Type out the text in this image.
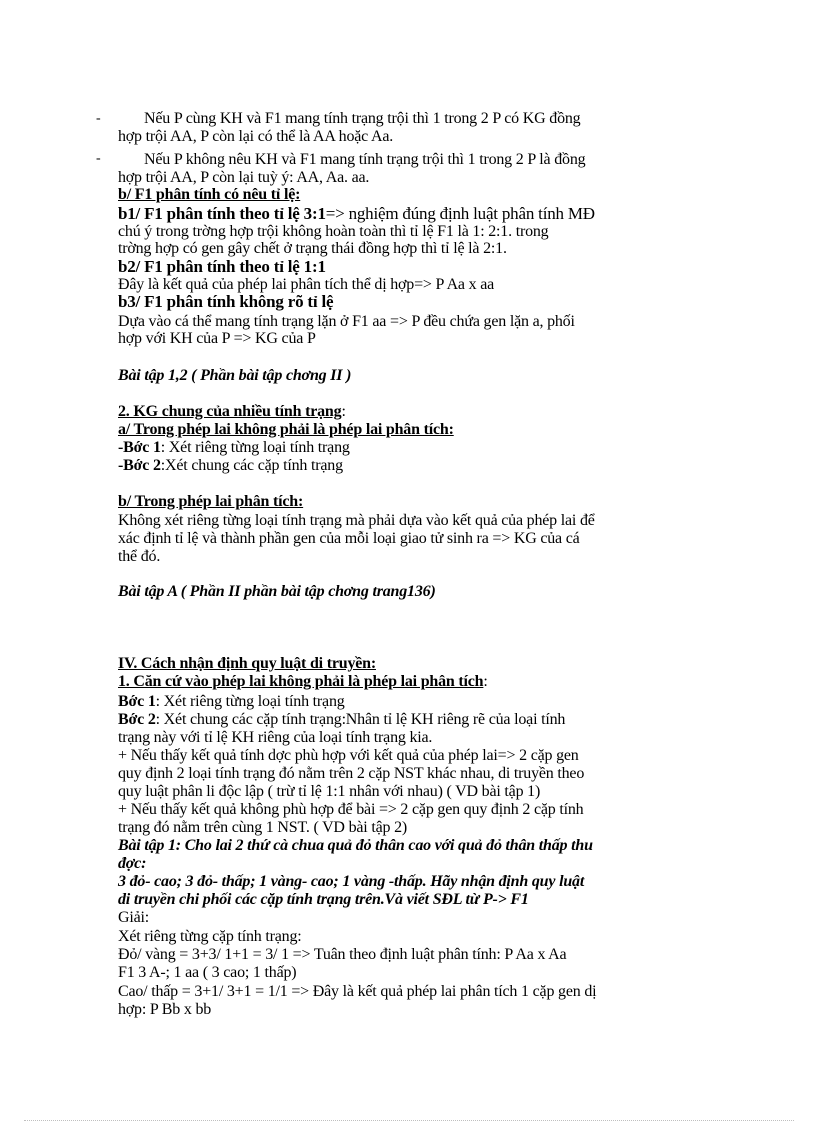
-	Nếu P cùng KH và F1 mang tính trạng trội thì 1 trong 2 P có KG đồng
hợp trội AA, P còn lại có thể là AA hoặc Aa.
-	Nếu P không nêu KH và F1 mang tính trạng trội thì 1 trong 2 P là đồng
hợp trội AA, P còn lại tuỳ ý: AA, Aa. aa.
b/ F1 phân tính có nêu tỉ lệ:
b1/ F1 phân tính theo tỉ lệ 3:1=> nghiệm đúng định luật phân tính MĐ
chú ý trong trờng hợp trội không hoàn toàn thì tỉ lệ F1 là 1: 2:1. trong
trờng hợp có gen gây chết ở trạng thái đồng hợp thì tỉ lệ là 2:1.
b2/ F1 phân tính theo tỉ lệ 1:1
Đây là kết quả của phép lai phân tích thể dị hợp=> P Aa x aa
b3/ F1 phân tính không rõ tỉ lệ
Dựa vào cá thể mang tính trạng lặn ở F1 aa => P đều chứa gen lặn a, phối
hợp với KH của P => KG của P
Bài tập 1,2 ( Phần bài tập chơng II )
2. KG chung của nhiều tính trạng:
a/ Trong phép lai không phải là phép lai phân tích:
-Bớc 1: Xét riêng từng loại tính trạng
-Bớc 2:Xét chung các cặp tính trạng
b/ Trong phép lai phân tích:
Không xét riêng từng loại tính trạng mà phải dựa vào kết quả của phép lai để
xác định tỉ lệ và thành phần gen của mỗi loại giao tử sinh ra => KG của cá
thể đó.
Bài tập A ( Phần II phần bài tập chơng trang136)
IV. Cách nhận định quy luật di truyền:
1. Căn cứ vào phép lai không phải là phép lai phân tích:
Bớc 1: Xét riêng từng loại tính trạng
Bớc 2: Xét chung các cặp tính trạng:Nhân tỉ lệ KH riêng rẽ của loại tính
trạng này với tỉ lệ KH riêng của loại tính trạng kia.
+ Nếu thấy kết quả tính dợc phù hợp với kết quả của phép lai=> 2 cặp gen
quy định 2 loại tính trạng đó nằm trên 2 cặp NST khác nhau, di truyền theo
quy luật phân li độc lập ( trừ tỉ lệ 1:1 nhân với nhau) ( VD bài tập 1)
+ Nếu thấy kết quả không phù hợp để bài => 2 cặp gen quy định 2 cặp tính
trạng đó nằm trên cùng 1 NST. ( VD bài tập 2)
Bài tập 1: Cho lai 2 thứ cà chua quả đỏ thân cao với quả đỏ thân thấp thu
đợc:
3 đỏ- cao; 3 đỏ- thấp; 1 vàng- cao; 1 vàng -thấp. Hãy nhận định quy luật
di truyền chi phối các cặp tính trạng trên.Và viết SĐL từ P-> F1
Giải:
Xét riêng từng cặp tính trạng:
Đỏ/ vàng = 3+3/ 1+1 = 3/ 1 => Tuân theo định luật phân tính: P Aa x Aa
F1 3 A-; 1 aa ( 3 cao; 1 thấp)
Cao/ thấp = 3+1/ 3+1 = 1/1 => Đây là kết quả phép lai phân tích 1 cặp gen dị
hợp: P Bb x bb
